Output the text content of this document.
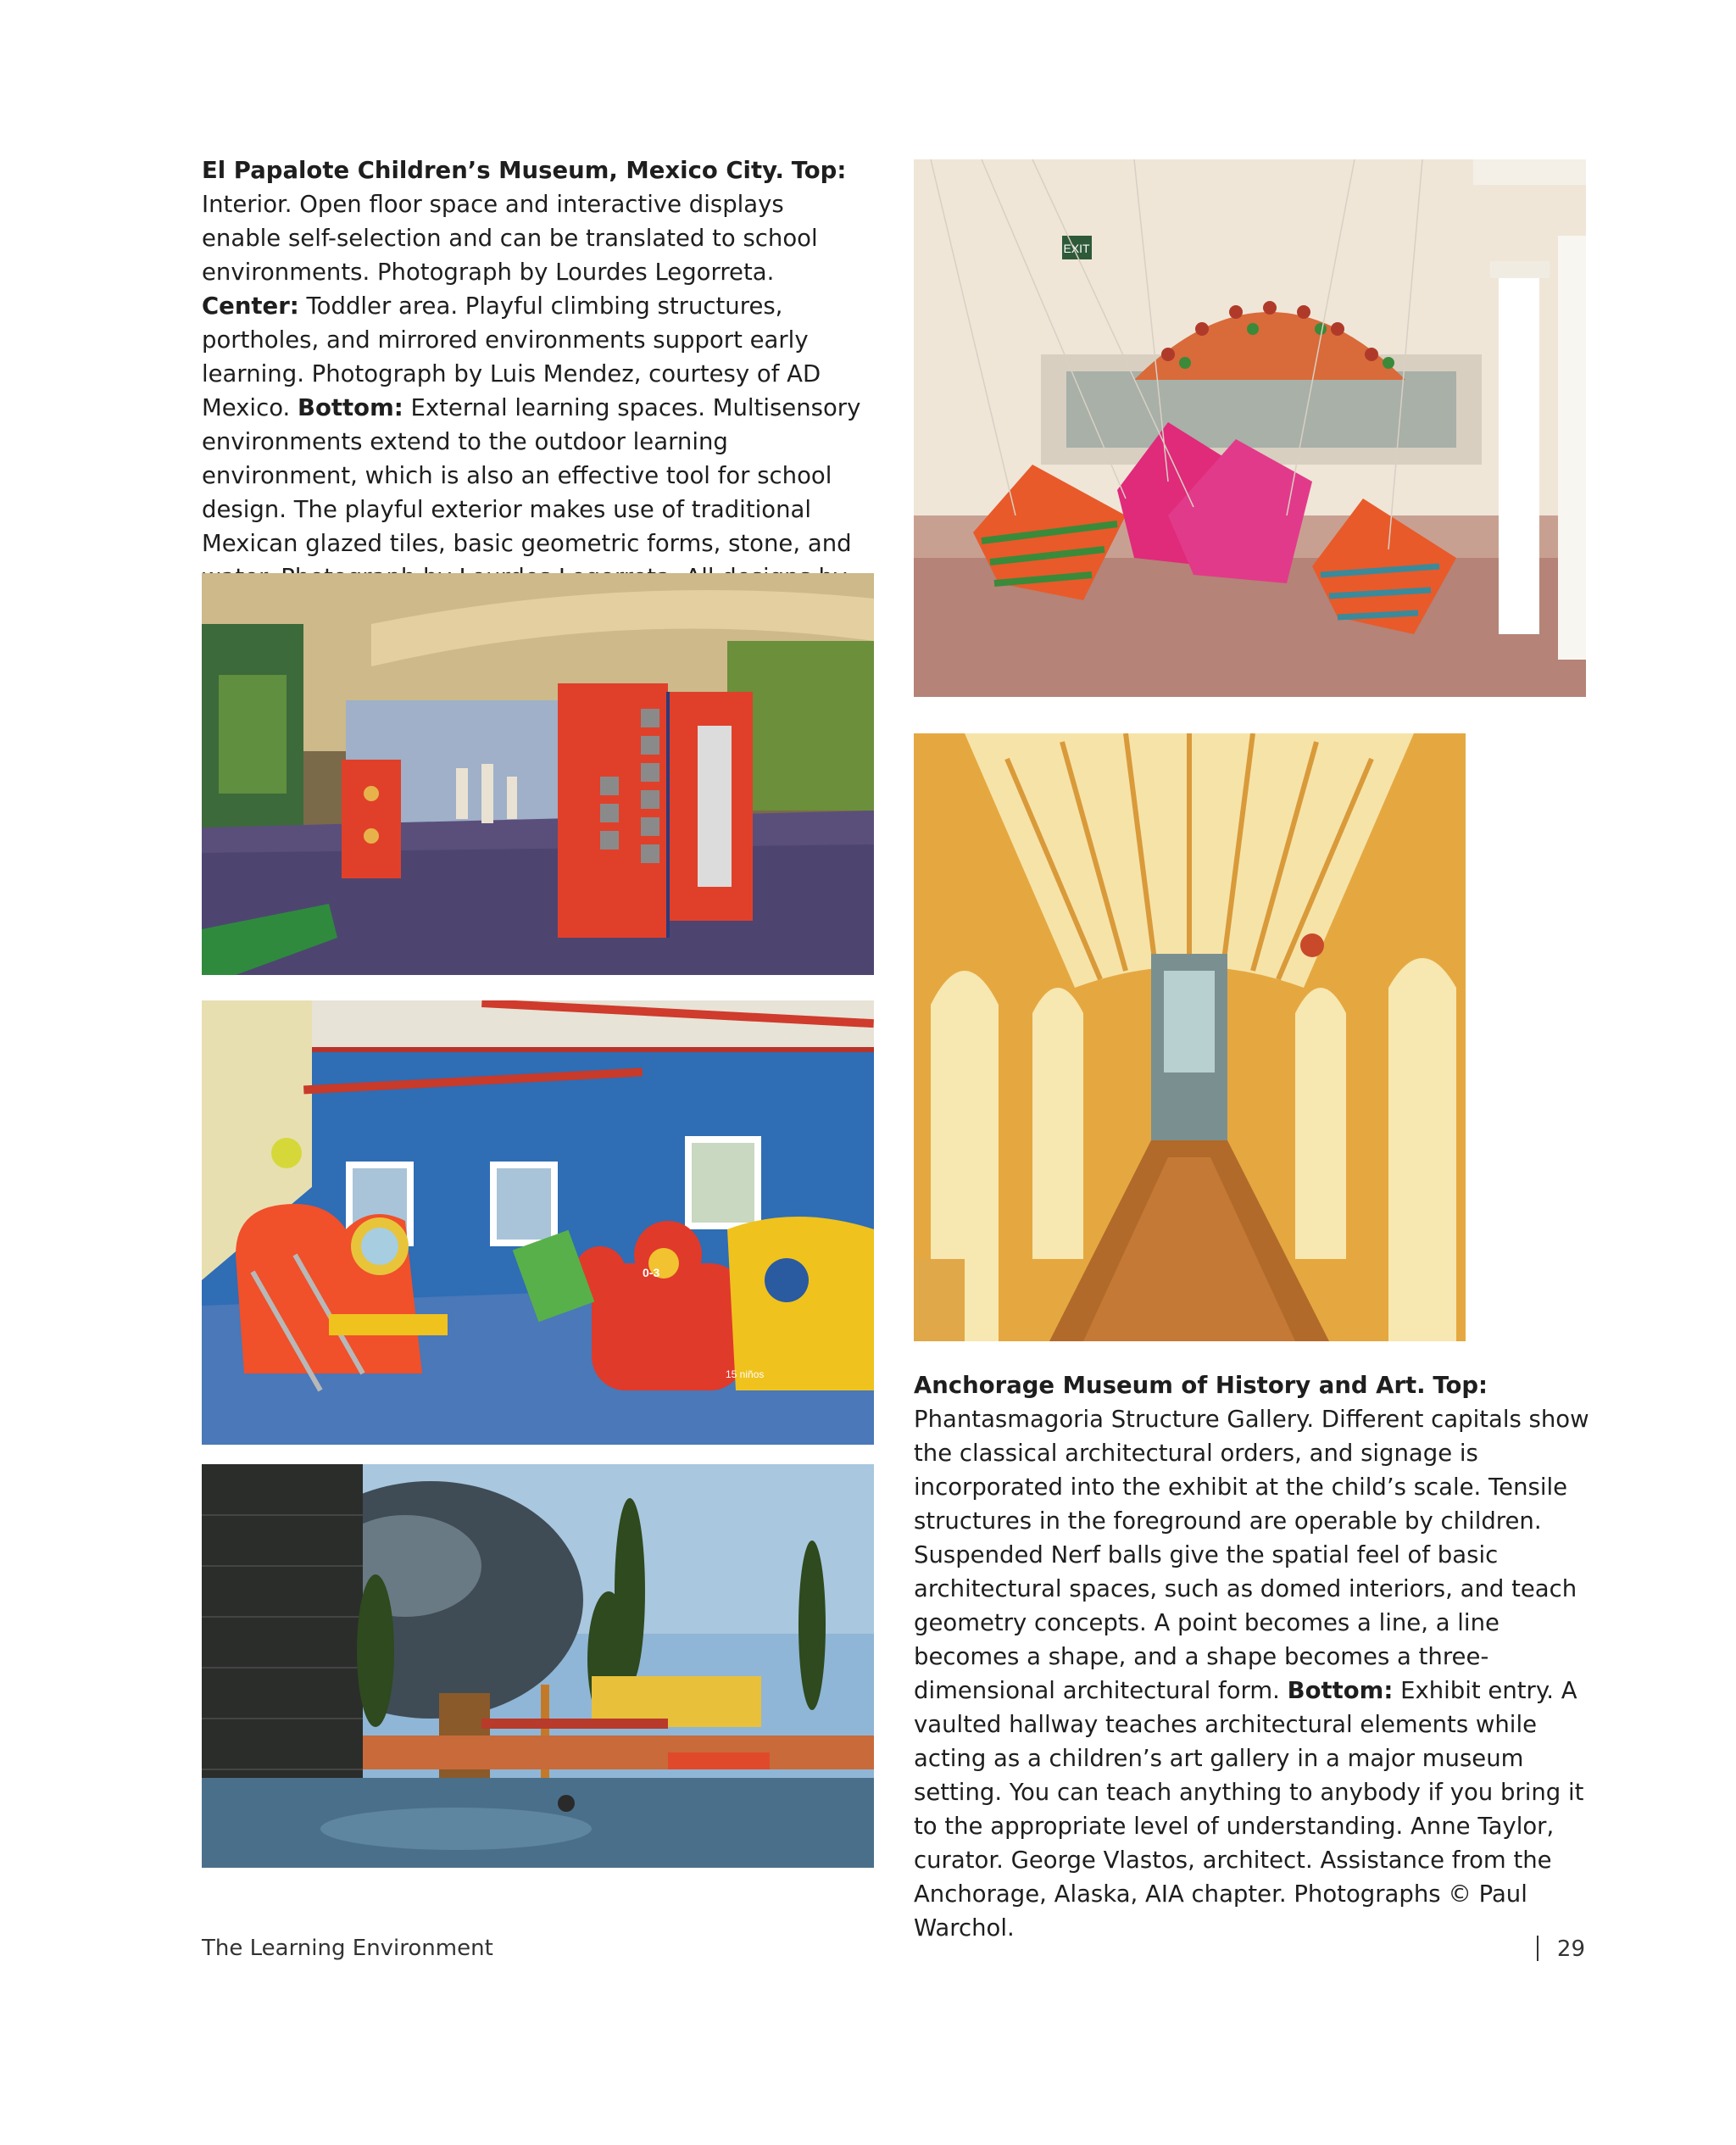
El Papalote Children’s Museum, Mexico City. Top: Interior. Open floor space and interactive displays enable self-selection and can be translated to school environments. Photograph by Lourdes Legorreta. Center: Toddler area. Playful climbing structures, portholes, and mirrored environments support early learning. Photograph by Luis Mendez, courtesy of AD Mexico. Bottom: External learning spaces. Multisensory environments extend to the outdoor learning environment, which is also an effective tool for school design. The playful exterior makes use of traditional Mexican glazed tiles, basic geometric forms, stone, and

EXIT

Anchorage Museum of History and Art. Top: Phantasmagoria Structure Gallery. Different capitals show the classical architectural orders, and signage is incorporated into the exhibit at the child’s scale. Tensile structures in the foreground are operable by children. Suspended Nerf balls give the spatial feel of basic architectural spaces, such as domed interiors, and teach geometry concepts. A point becomes a line, a line becomes a shape, and a shape becomes a three-dimensional architectural form. Bottom: Exhibit entry. A vaulted hallway teaches architectural elements while acting as a children’s art gallery in a major museum setting. You can teach anything to anybody if you bring it to the appropriate level of understanding. Anne Taylor, curator. George Vlastos, architect. Assistance from the Anchorage, Alaska, AIA chapter. Photographs © Paul Warchol.

The Learning Environment	29
0-3
15 niños
